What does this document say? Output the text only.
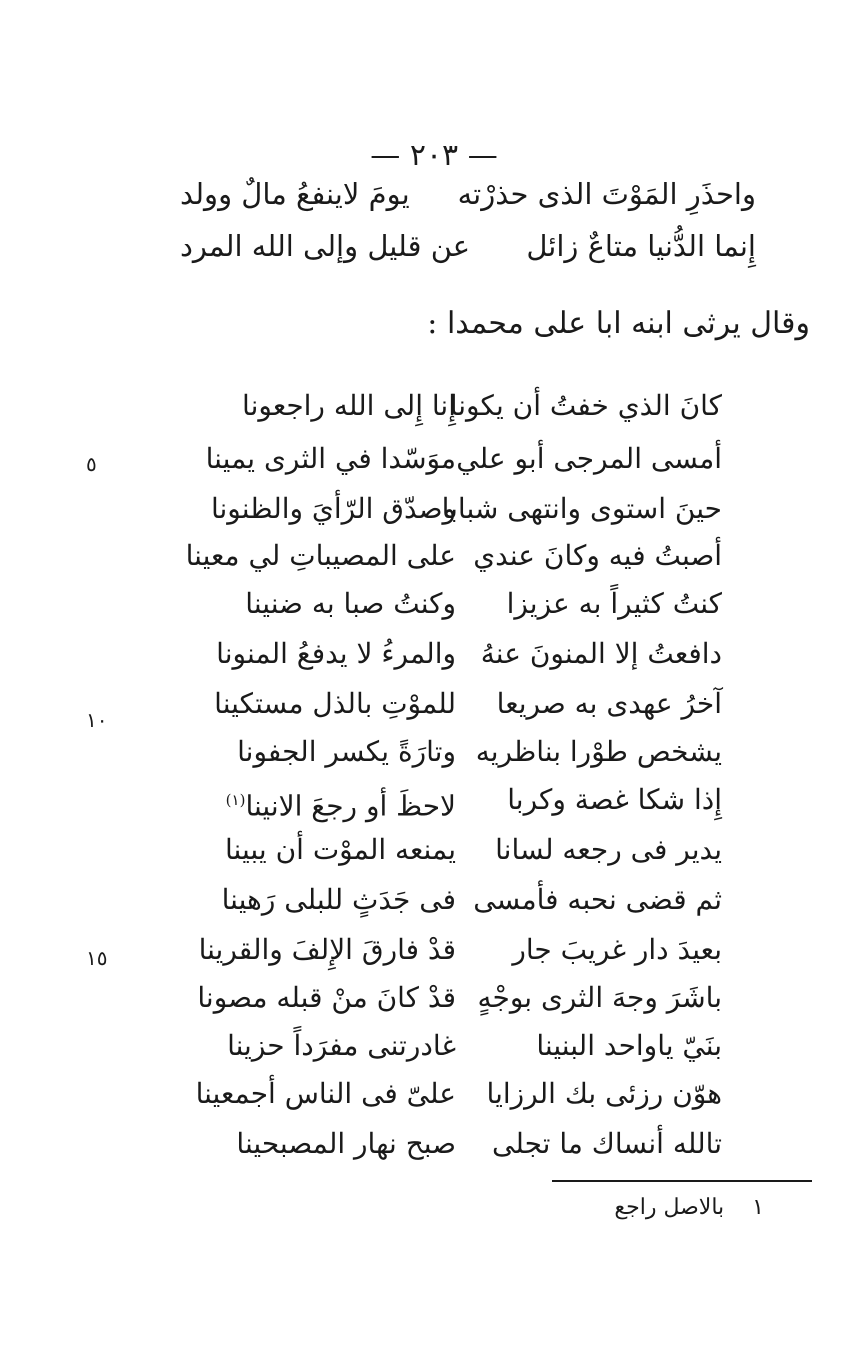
— ٢٠٣ —
واحذَرِ المَوْتَ الذى حذرْته
يومَ لاينفعُ مالٌ وولد
إِنما الدُّنيا متاعٌ زائل
عن قليل وإلى الله المرد
وقال يرثى ابنه ابا على محمدا :
كانَ الذي خفتُ أن يكونا
إِنا إِلى الله راجعونا
أمسى المرجى أبو علي
موَسّدا في الثرى يمينا
٥
حينَ استوى وانتهى شبابا
وصدّق الرّأيَ والظنونا
أصبتُ فيه وكانَ عندي
على المصيباتِ لي معينا
كنتُ كثيراً به عزيزا
وكنتُ صبا به ضنينا
دافعتُ إلا المنونَ عنهُ
والمرءُ لا يدفعُ المنونا
آخرُ عهدى به صريعا
للموْتِ بالذل مستكينا
١٠
يشخص طوْرا بناظريه
وتارَةً يكسر الجفونا
إِذا شكا غصة وكربا
لاحظَ أو رجعَ الانينا$^{(١)}$
يدير فى رجعه لسانا
يمنعه الموْت أن يبينا
ثم قضى نحبه فأمسى
فى جَدَثٍ للبلى رَهينا
بعيدَ دار غريبَ جار
قدْ فارقَ الإِلفَ والقرينا
١٥
باشَرَ وجهَ الثرى بوجْهٍ
قدْ كانَ منْ قبله مصونا
بنَيّ ياواحد البنينا
غادرتنى مفرَداً حزينا
هوّن رزئى بك الرزايا
علىّ فى الناس أجمعينا
تالله أنساك ما تجلى
صبح نهار المصبحينا
١    بالاصل راجع
